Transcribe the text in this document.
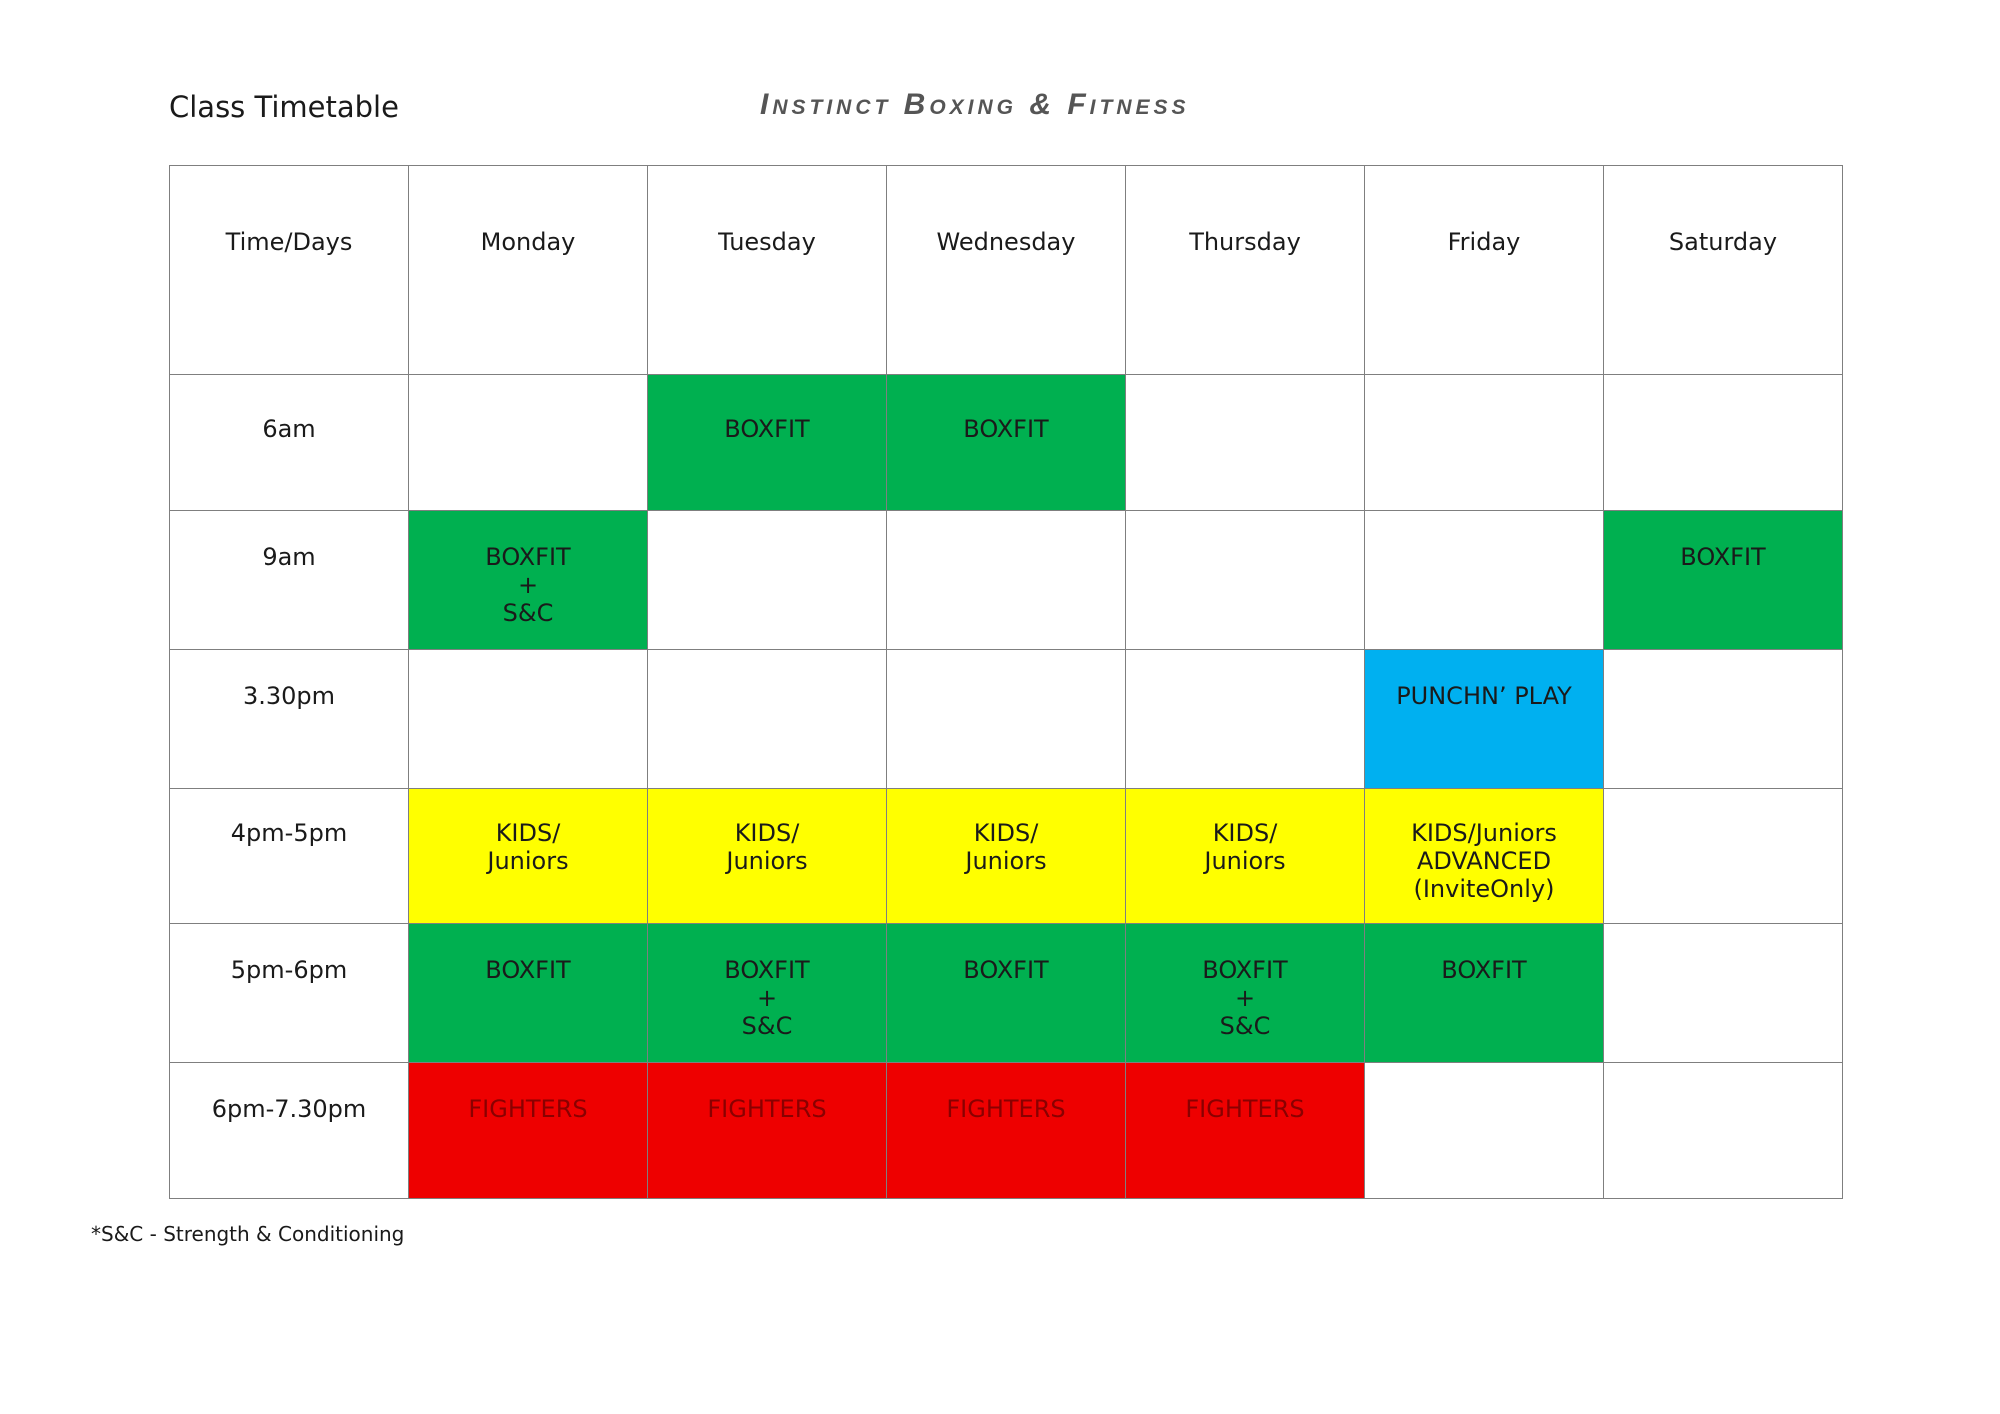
Class Timetable	Instinct Boxing & Fitness
Time/Days	Monday	Tuesday	Wednesday	Thursday	Friday	Saturday
6am		BOXFIT	BOXFIT			

9am	BOXFIT
+
S&C					BOXFIT

3.30pm					PUNCHN’ PLAY	

4pm-5pm	KIDS/
Juniors	KIDS/
Juniors	KIDS/
Juniors	KIDS/
Juniors	KIDS/Juniors
ADVANCED
(InviteOnly)	

5pm-6pm	BOXFIT	BOXFIT
+
S&C	BOXFIT	BOXFIT
+
S&C	BOXFIT	

6pm-7.30pm	FIGHTERS	FIGHTERS	FIGHTERS	FIGHTERS		

*S&C - Strength & Conditioning
